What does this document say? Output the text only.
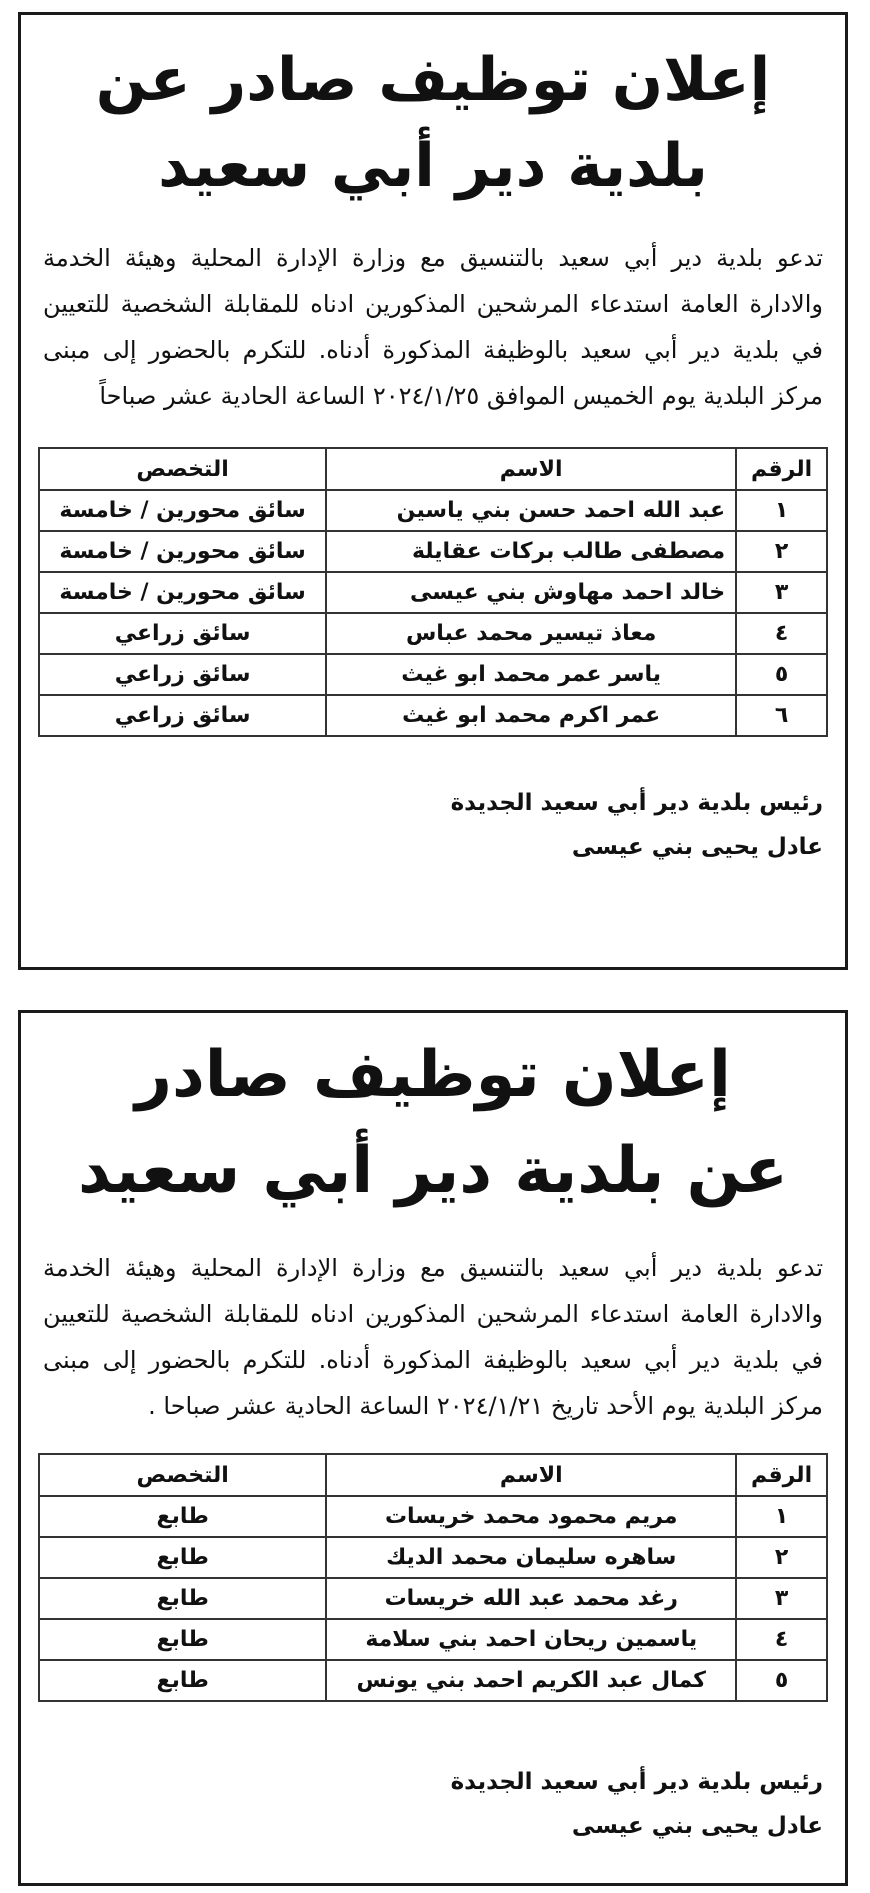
إعلان توظيف صادر عن

بلدية دير أبي سعيد

تدعو بلدية دير أبي سعيد بالتنسيق مع وزارة الإدارة المحلية وهيئة الخدمة والادارة العامة استدعاء المرشحين المذكورين ادناه للمقابلة الشخصية للتعيين في بلدية دير أبي سعيد بالوظيفة المذكورة أدناه. للتكرم بالحضور إلى مبنى مركز البلدية يوم الخميس الموافق ٢٠٢٤/١/٢٥ الساعة الحادية عشر صباحاً
الرقم	الاسم	التخصص
١	عبد الله احمد حسن بني ياسين	سائق محورين / خامسة
٢	مصطفى طالب بركات عقايلة	سائق محورين / خامسة
٣	خالد احمد مهاوش بني عيسى	سائق محورين / خامسة
٤	معاذ تيسير محمد عباس	سائق زراعي
٥	ياسر عمر محمد ابو غيث	سائق زراعي
٦	عمر اكرم محمد ابو غيث	سائق زراعي
رئيس بلدية دير أبي سعيد الجديدة
عادل يحيى بني عيسى

إعلان توظيف صادر

عن بلدية دير أبي سعيد

تدعو بلدية دير أبي سعيد بالتنسيق مع وزارة الإدارة المحلية وهيئة الخدمة والادارة العامة استدعاء المرشحين المذكورين ادناه للمقابلة الشخصية للتعيين في بلدية دير أبي سعيد بالوظيفة المذكورة أدناه. للتكرم بالحضور إلى مبنى مركز البلدية يوم الأحد تاريخ ٢٠٢٤/١/٢١ الساعة الحادية عشر صباحا .
الرقم	الاسم	التخصص
١	مريم محمود محمد خريسات	طابع
٢	ساهره سليمان محمد الديك	طابع
٣	رغد محمد عبد الله خريسات	طابع
٤	ياسمين ريحان احمد بني سلامة	طابع
٥	كمال عبد الكريم احمد بني يونس	طابع
رئيس بلدية دير أبي سعيد الجديدة
عادل يحيى بني عيسى
